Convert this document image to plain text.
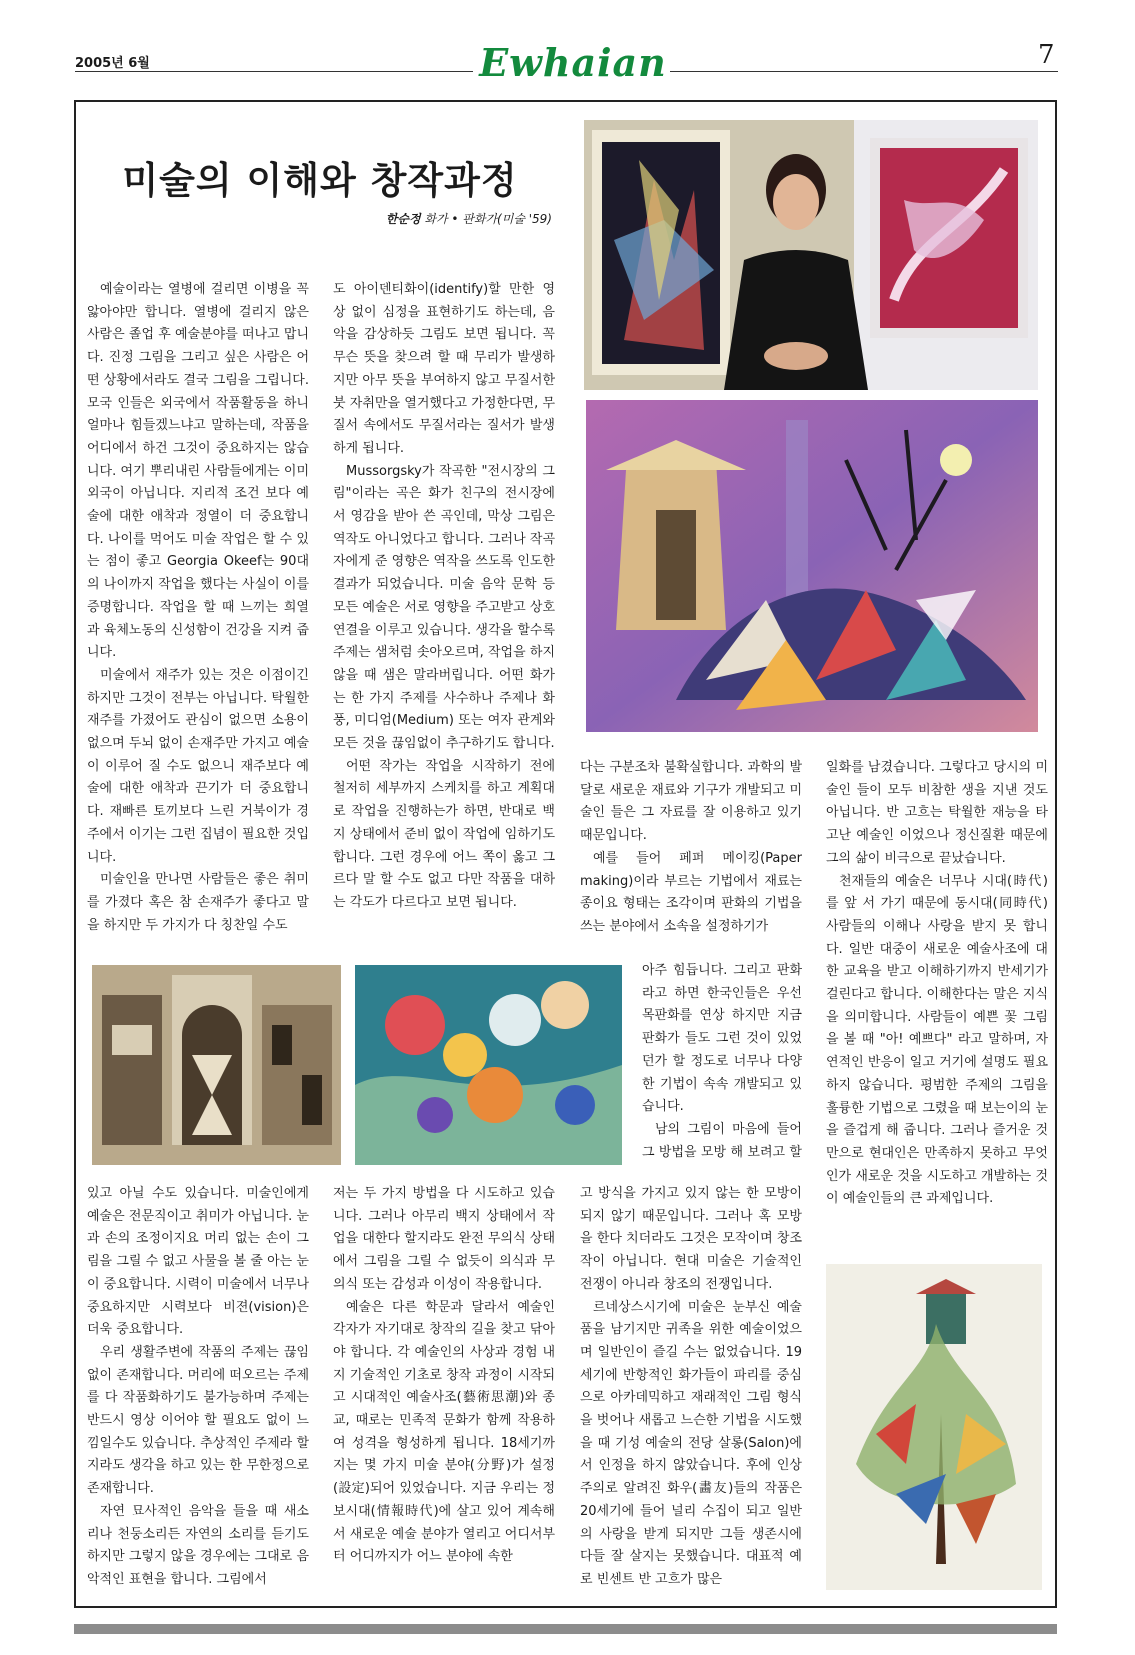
2005년 6월	Ewhaian	7
미술의 이해와 창작과정
한순정 화가 • 판화가(미술 '59)

예술이라는 열병에 걸리면 이병을 꼭 앓아야만 합니다. 열병에 걸리지 않은 사람은 졸업 후 예술분야를 떠나고 맙니다. 진정 그림을 그리고 싶은 사람은 어떤 상황에서라도 결국 그림을 그립니다. 모국 인들은 외국에서 작품활동을 하니 얼마나 힘들겠느냐고 말하는데, 작품을 어디에서 하건 그것이 중요하지는 않습니다. 여기 뿌리내린 사람들에게는 이미 외국이 아닙니다. 지리적 조건 보다 예술에 대한 애착과 정열이 더 중요합니다. 나이를 먹어도 미술 작업은 할 수 있는 점이 좋고 Georgia Okeef는 90대의 나이까지 작업을 했다는 사실이 이를 증명합니다. 작업을 할 때 느끼는 희열과 육체노동의 신성함이 건강을 지켜 줍니다.

미술에서 재주가 있는 것은 이점이긴 하지만 그것이 전부는 아닙니다. 탁월한 재주를 가졌어도 관심이 없으면 소용이 없으며 두뇌 없이 손재주만 가지고 예술이 이루어 질 수도 없으니 재주보다 예술에 대한 애착과 끈기가 더 중요합니다. 재빠른 토끼보다 느린 거북이가 경주에서 이기는 그런 집념이 필요한 것입니다.

미술인을 만나면 사람들은 좋은 취미를 가졌다 혹은 참 손재주가 좋다고 말을 하지만 두 가지가 다 칭찬일 수도

도 아이덴티화이(identify)할 만한 영상 없이 심정을 표현하기도 하는데, 음악을 감상하듯 그림도 보면 됩니다. 꼭 무슨 뜻을 찾으려 할 때 무리가 발생하지만 아무 뜻을 부여하지 않고 무질서한 붓 자취만을 열거했다고 가정한다면, 무질서 속에서도 무질서라는 질서가 발생하게 됩니다.

Mussorgsky가 작곡한 "전시장의 그림"이라는 곡은 화가 친구의 전시장에서 영감을 받아 쓴 곡인데, 막상 그림은 역작도 아니었다고 합니다. 그러나 작곡자에게 준 영향은 역작을 쓰도록 인도한 결과가 되었습니다. 미술 음악 문학 등 모든 예술은 서로 영향을 주고받고 상호 연결을 이루고 있습니다. 생각을 할수록 주제는 샘처럼 솟아오르며, 작업을 하지 않을 때 샘은 말라버립니다. 어떤 화가는 한 가지 주제를 사수하나 주제나 화풍, 미디엄(Medium) 또는 여자 관계와 모든 것을 끊임없이 추구하기도 합니다.

어떤 작가는 작업을 시작하기 전에 철저히 세부까지 스케치를 하고 계획대로 작업을 진행하는가 하면, 반대로 백지 상태에서 준비 없이 작업에 임하기도 합니다. 그런 경우에 어느 쪽이 옳고 그르다 말 할 수도 없고 다만 작품을 대하는 각도가 다르다고 보면 됩니다.

다는 구분조차 불확실합니다. 과학의 발달로 새로운 재료와 기구가 개발되고 미술인 들은 그 자료를 잘 이용하고 있기 때문입니다.

예를 들어 페퍼 메이킹(Paper making)이라 부르는 기법에서 재료는 종이요 형태는 조각이며 판화의 기법을 쓰는 분야에서 소속을 설정하기가

아주 힘듭니다. 그리고 판화라고 하면 한국인들은 우선 목판화를 연상 하지만 지금 판화가 들도 그런 것이 있었던가 할 정도로 너무나 다양한 기법이 속속 개발되고 있습니다.

남의 그림이 마음에 들어 그 방법을 모방 해 보려고 할

고 방식을 가지고 있지 않는 한 모방이 되지 않기 때문입니다. 그러나 혹 모방을 한다 치더라도 그것은 모작이며 창조 작이 아닙니다. 현대 미술은 기술적인 전쟁이 아니라 창조의 전쟁입니다.

르네상스시기에 미술은 눈부신 예술품을 남기지만 귀족을 위한 예술이었으며 일반인이 즐길 수는 없었습니다. 19세기에 반항적인 화가들이 파리를 중심으로 아카데믹하고 재래적인 그림 형식을 벗어나 새롭고 느슨한 기법을 시도했을 때 기성 예술의 전당 살롱(Salon)에서 인정을 하지 않았습니다. 후에 인상주의로 알려진 화우(畵友)들의 작품은 20세기에 들어 널리 수집이 되고 일반의 사랑을 받게 되지만 그들 생존시에 다들 잘 살지는 못했습니다. 대표적 예로 빈센트 반 고흐가 많은

일화를 남겼습니다. 그렇다고 당시의 미술인 들이 모두 비참한 생을 지낸 것도 아닙니다. 반 고흐는 탁월한 재능을 타고난 예술인 이었으나 정신질환 때문에 그의 삶이 비극으로 끝났습니다.

천재들의 예술은 너무나 시대(時代)를 앞 서 가기 때문에 동시대(同時代) 사람들의 이해나 사랑을 받지 못 합니다. 일반 대중이 새로운 예술사조에 대한 교육을 받고 이해하기까지 반세기가 걸린다고 합니다. 이해한다는 말은 지식을 의미합니다. 사람들이 예쁜 꽃 그림을 볼 때 "아! 예쁘다" 라고 말하며, 자연적인 반응이 일고 거기에 설명도 필요하지 않습니다. 평범한 주제의 그림을 훌륭한 기법으로 그렸을 때 보는이의 눈을 즐겁게 해 줍니다. 그러나 즐거운 것만으로 현대인은 만족하지 못하고 무엇인가 새로운 것을 시도하고 개발하는 것이 예술인들의 큰 과제입니다.

있고 아닐 수도 있습니다. 미술인에게 예술은 전문직이고 취미가 아닙니다. 눈과 손의 조정이지요 머리 없는 손이 그림을 그릴 수 없고 사물을 볼 줄 아는 눈이 중요합니다. 시력이 미술에서 너무나 중요하지만 시력보다 비젼(vision)은 더욱 중요합니다.

우리 생활주변에 작품의 주제는 끊임없이 존재합니다. 머리에 떠오르는 주제를 다 작품화하기도 불가능하며 주제는 반드시 영상 이어야 할 필요도 없이 느낌일수도 있습니다. 추상적인 주제라 할지라도 생각을 하고 있는 한 무한정으로 존재합니다.

자연 묘사적인 음악을 들을 때 새소리나 천둥소리든 자연의 소리를 듣기도 하지만 그렇지 않을 경우에는 그대로 음악적인 표현을 합니다. 그림에서

저는 두 가지 방법을 다 시도하고 있습니다. 그러나 아무리 백지 상태에서 작업을 대한다 할지라도 완전 무의식 상태에서 그림을 그릴 수 없듯이 의식과 무의식 또는 감성과 이성이 작용합니다.

예술은 다른 학문과 달라서 예술인 각자가 자기대로 창작의 길을 찾고 닦아야 합니다. 각 예술인의 사상과 경험 내지 기술적인 기초로 창작 과정이 시작되고 시대적인 예술사조(藝術思潮)와 종교, 때로는 민족적 문화가 함께 작용하여 성격을 형성하게 됩니다. 18세기까지는 몇 가지 미술 분야(分野)가 설정(設定)되어 있었습니다. 지금 우리는 정보시대(情報時代)에 살고 있어 계속해서 새로운 예술 분야가 열리고 어디서부터 어디까지가 어느 분야에 속한
